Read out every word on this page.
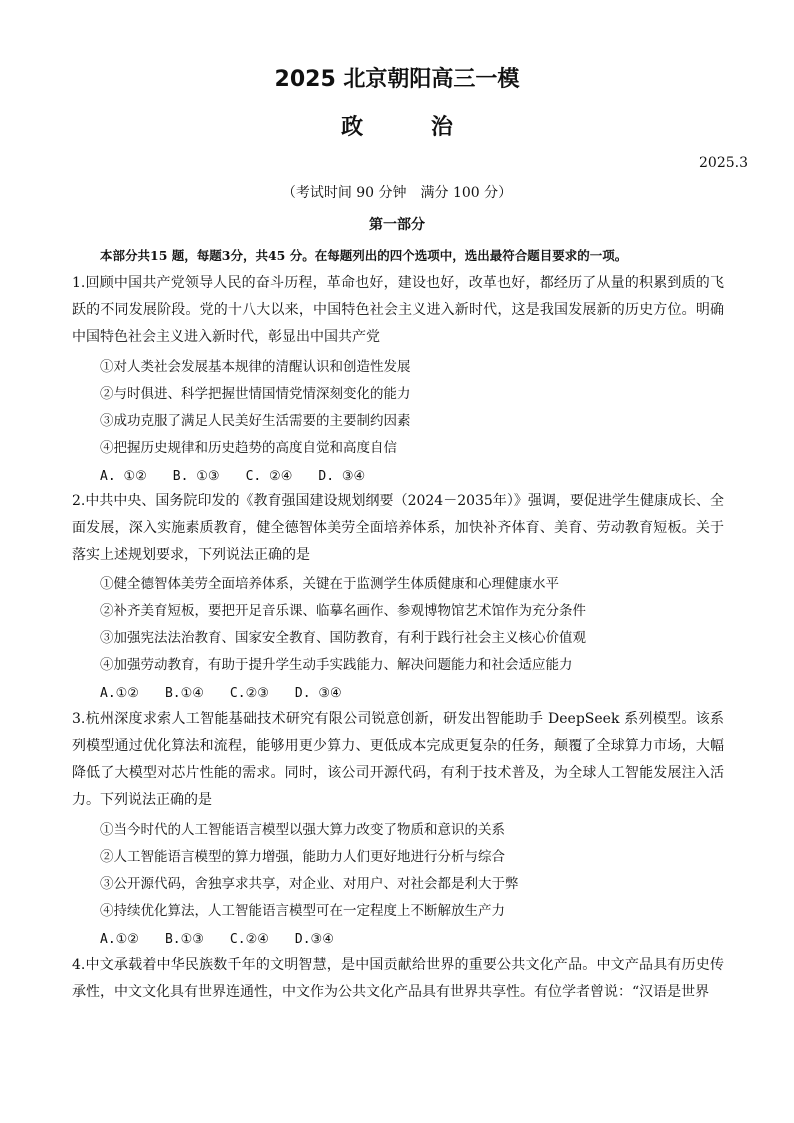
2025 北京朝阳高三一模
政 治
2025.3
（考试时间 90 分钟　满分 100 分）
第一部分
本部分共15 题，每题3分，共45 分。在每题列出的四个选项中，选出最符合题目要求的一项。
1.回顾中国共产党领导人民的奋斗历程，革命也好，建设也好，改革也好，都经历了从量的积累到质的飞跃的不同发展阶段。党的十八大以来，中国特色社会主义进入新时代，这是我国发展新的历史方位。明确中国特色社会主义进入新时代，彰显出中国共产党
①对人类社会发展基本规律的清醒认识和创造性发展
②与时俱进、科学把握世情国情党情深刻变化的能力
③成功克服了满足人民美好生活需要的主要制约因素
④把握历史规律和历史趋势的高度自觉和高度自信
A. ①②　　B. ①③　　C. ②④　　D. ③④
2.中共中央、国务院印发的《教育强国建设规划纲要（2024－2035年）》强调，要促进学生健康成长、全面发展，深入实施素质教育，健全德智体美劳全面培养体系，加快补齐体育、美育、劳动教育短板。关于落实上述规划要求，下列说法正确的是
①健全德智体美劳全面培养体系，关键在于监测学生体质健康和心理健康水平
②补齐美育短板，要把开足音乐课、临摹名画作、参观博物馆艺术馆作为充分条件
③加强宪法法治教育、国家安全教育、国防教育，有利于践行社会主义核心价值观
④加强劳动教育，有助于提升学生动手实践能力、解决问题能力和社会适应能力
A.①②　　B.①④　　C.②③　　D. ③④
3.杭州深度求索人工智能基础技术研究有限公司锐意创新，研发出智能助手 DeepSeek 系列模型。该系列模型通过优化算法和流程，能够用更少算力、更低成本完成更复杂的任务，颠覆了全球算力市场，大幅降低了大模型对芯片性能的需求。同时，该公司开源代码，有利于技术普及，为全球人工智能发展注入活力。下列说法正确的是
①当今时代的人工智能语言模型以强大算力改变了物质和意识的关系
②人工智能语言模型的算力增强，能助力人们更好地进行分析与综合
③公开源代码，舍独享求共享，对企业、对用户、对社会都是利大于弊
④持续优化算法，人工智能语言模型可在一定程度上不断解放生产力
A.①②　　B.①③　　C.②④　　D.③④
4.中文承载着中华民族数千年的文明智慧，是中国贡献给世界的重要公共文化产品。中文产品具有历史传承性，中文文化具有世界连通性，中文作为公共文化产品具有世界共享性。有位学者曾说：“汉语是世界
